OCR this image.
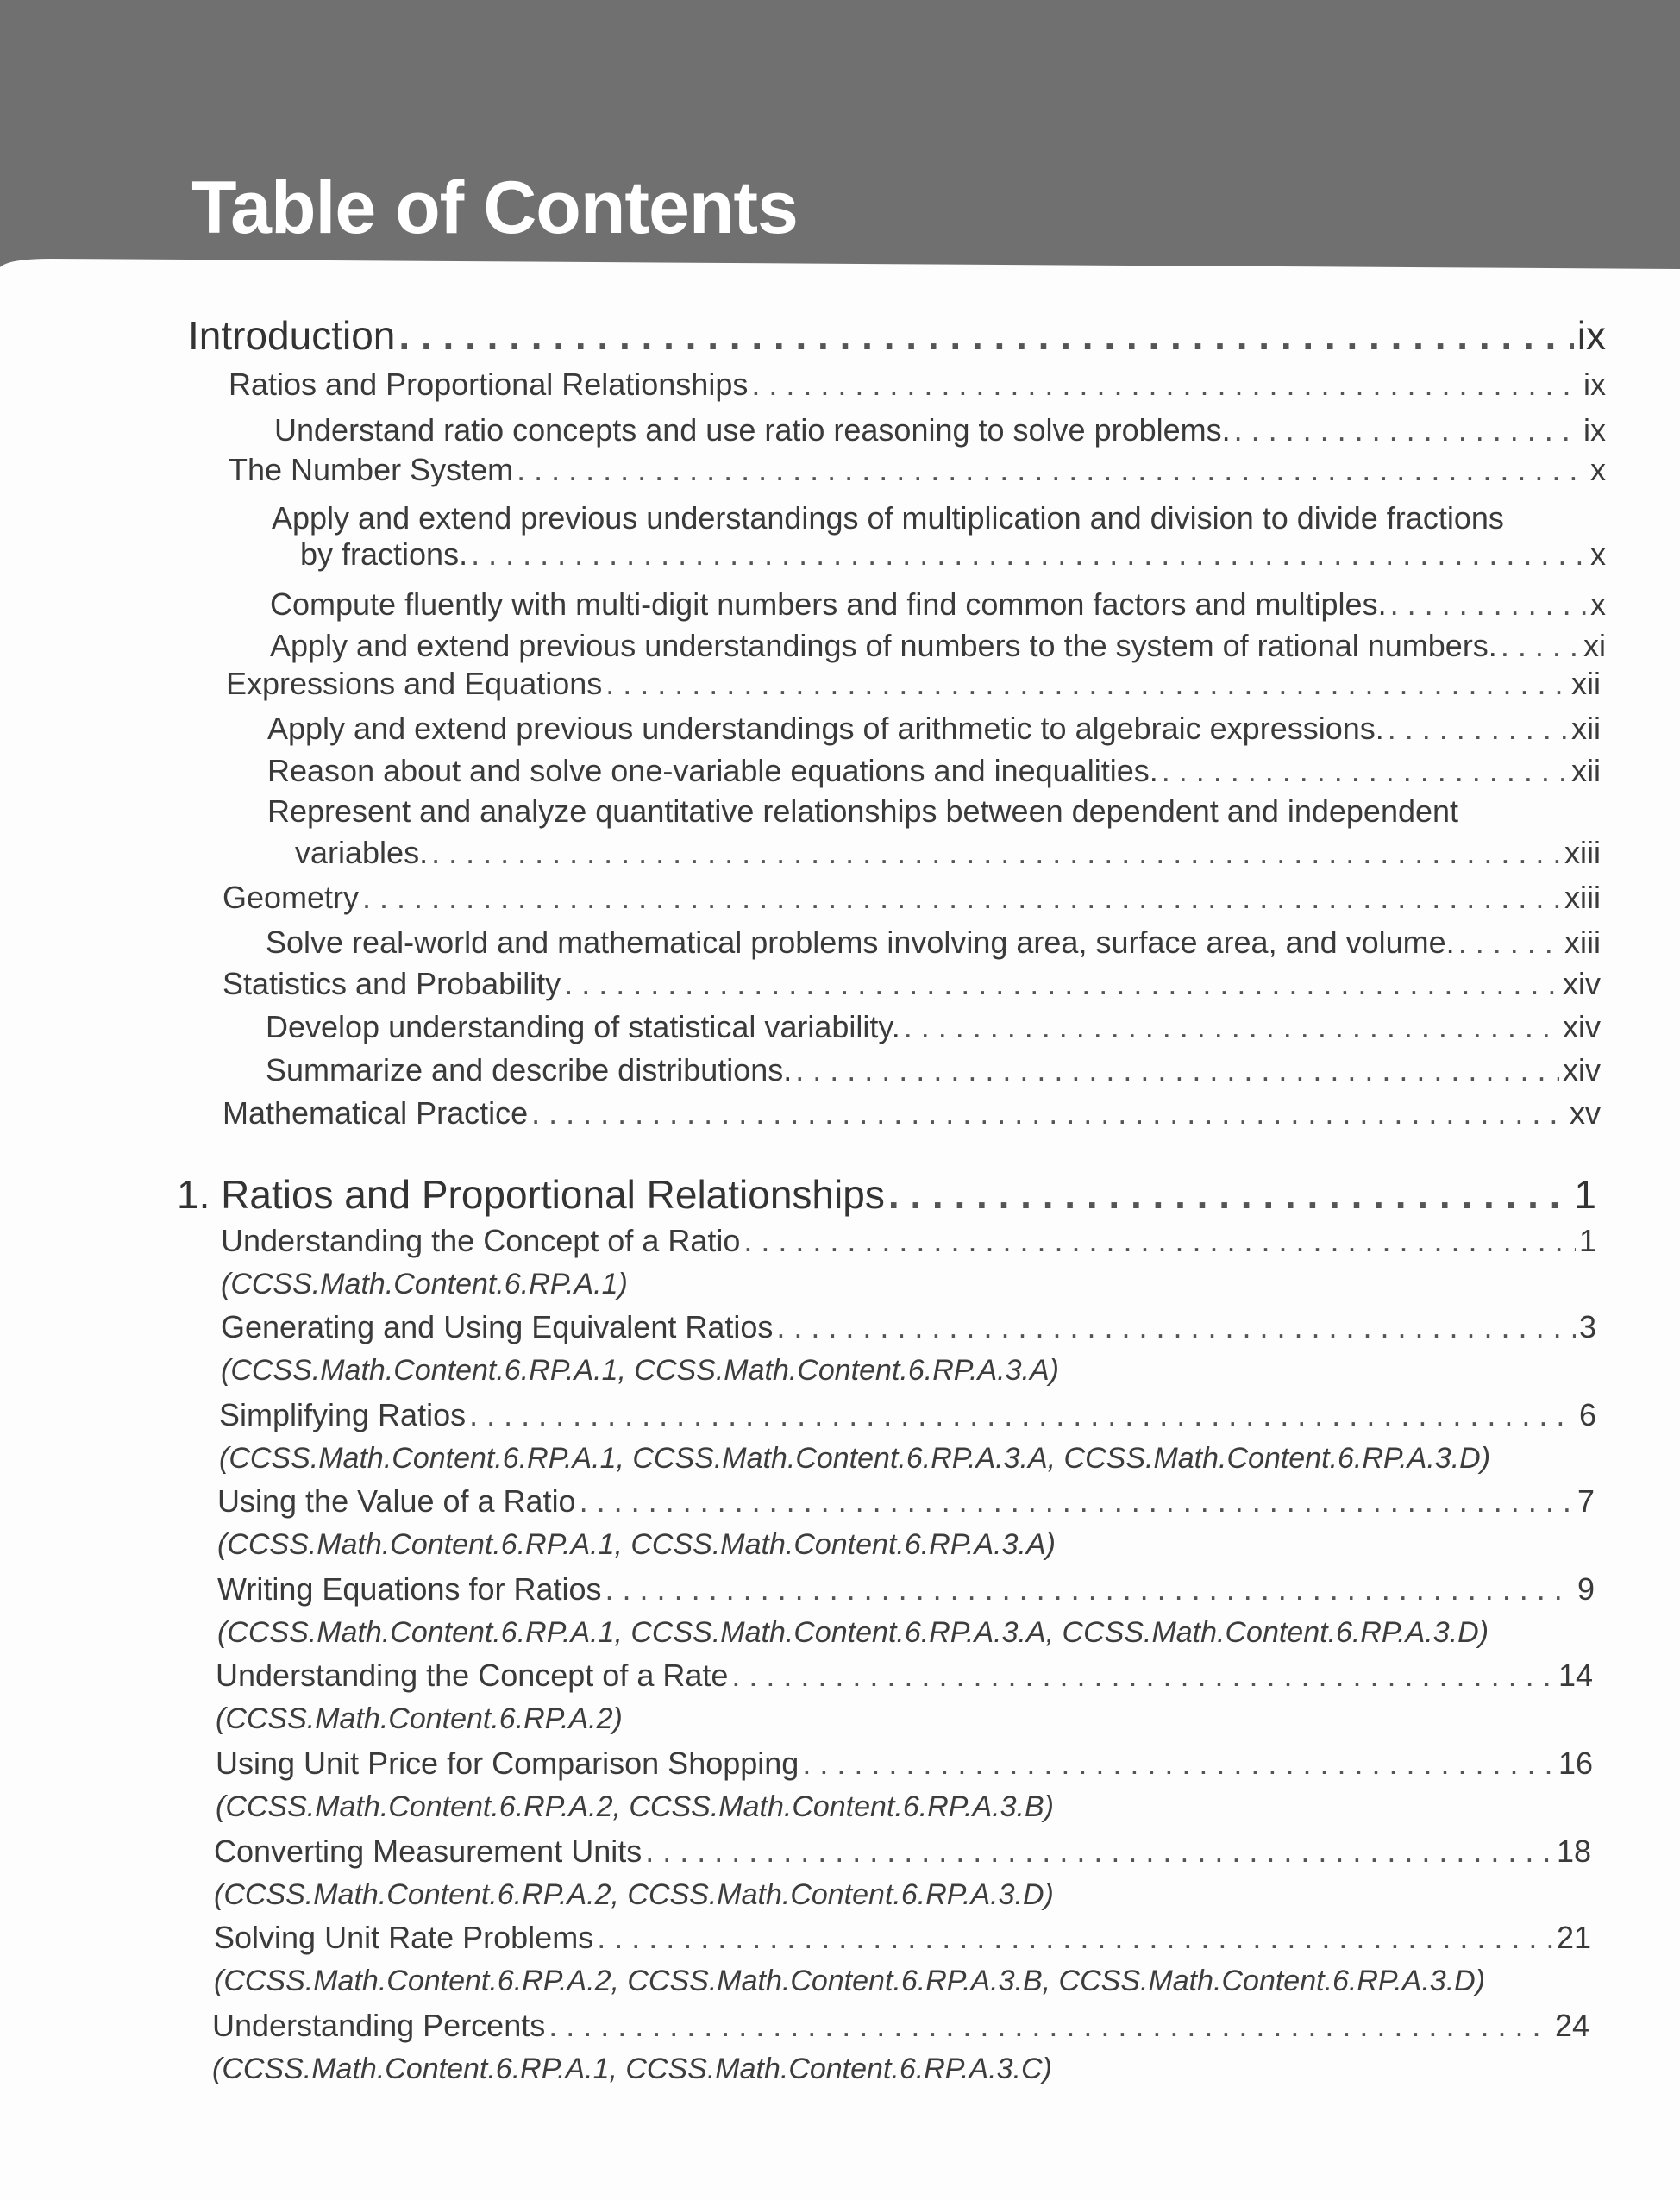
Table of Contents
Introduction . . .	ix
Ratios and Proportional Relationships . . .	ix
Understand ratio concepts and use ratio reasoning to solve problems. . . .	ix
The Number System . . .	x
Apply and extend previous understandings of multiplication and division to divide fractions
by fractions. . . .	x
Compute fluently with multi-digit numbers and find common factors and multiples. . . .	x
Apply and extend previous understandings of numbers to the system of rational numbers. . . .	xi
Expressions and Equations . . .	xii
Apply and extend previous understandings of arithmetic to algebraic expressions. . . .	xii
Reason about and solve one-variable equations and inequalities. . . .	xii
Represent and analyze quantitative relationships between dependent and independent
variables. . . .	xiii
Geometry . . .	xiii
Solve real-world and mathematical problems involving area, surface area, and volume. . . .	xiii
Statistics and Probability . . .	xiv
Develop understanding of statistical variability. . . .	xiv
Summarize and describe distributions. . . .	xiv
Mathematical Practice . . .	xv
1. Ratios and Proportional Relationships . . .	1
Understanding the Concept of a Ratio . . .	1
(CCSS.Math.Content.6.RP.A.1)
Generating and Using Equivalent Ratios . . .	3
(CCSS.Math.Content.6.RP.A.1, CCSS.Math.Content.6.RP.A.3.A)
Simplifying Ratios . . .	6
(CCSS.Math.Content.6.RP.A.1, CCSS.Math.Content.6.RP.A.3.A, CCSS.Math.Content.6.RP.A.3.D)
Using the Value of a Ratio . . .	7
(CCSS.Math.Content.6.RP.A.1, CCSS.Math.Content.6.RP.A.3.A)
Writing Equations for Ratios . . .	9
(CCSS.Math.Content.6.RP.A.1, CCSS.Math.Content.6.RP.A.3.A, CCSS.Math.Content.6.RP.A.3.D)
Understanding the Concept of a Rate . . .	14
(CCSS.Math.Content.6.RP.A.2)
Using Unit Price for Comparison Shopping . . .	16
(CCSS.Math.Content.6.RP.A.2, CCSS.Math.Content.6.RP.A.3.B)
Converting Measurement Units . . .	18
(CCSS.Math.Content.6.RP.A.2, CCSS.Math.Content.6.RP.A.3.D)
Solving Unit Rate Problems . . .	21
(CCSS.Math.Content.6.RP.A.2, CCSS.Math.Content.6.RP.A.3.B, CCSS.Math.Content.6.RP.A.3.D)
Understanding Percents . . .	24
(CCSS.Math.Content.6.RP.A.1, CCSS.Math.Content.6.RP.A.3.C)
